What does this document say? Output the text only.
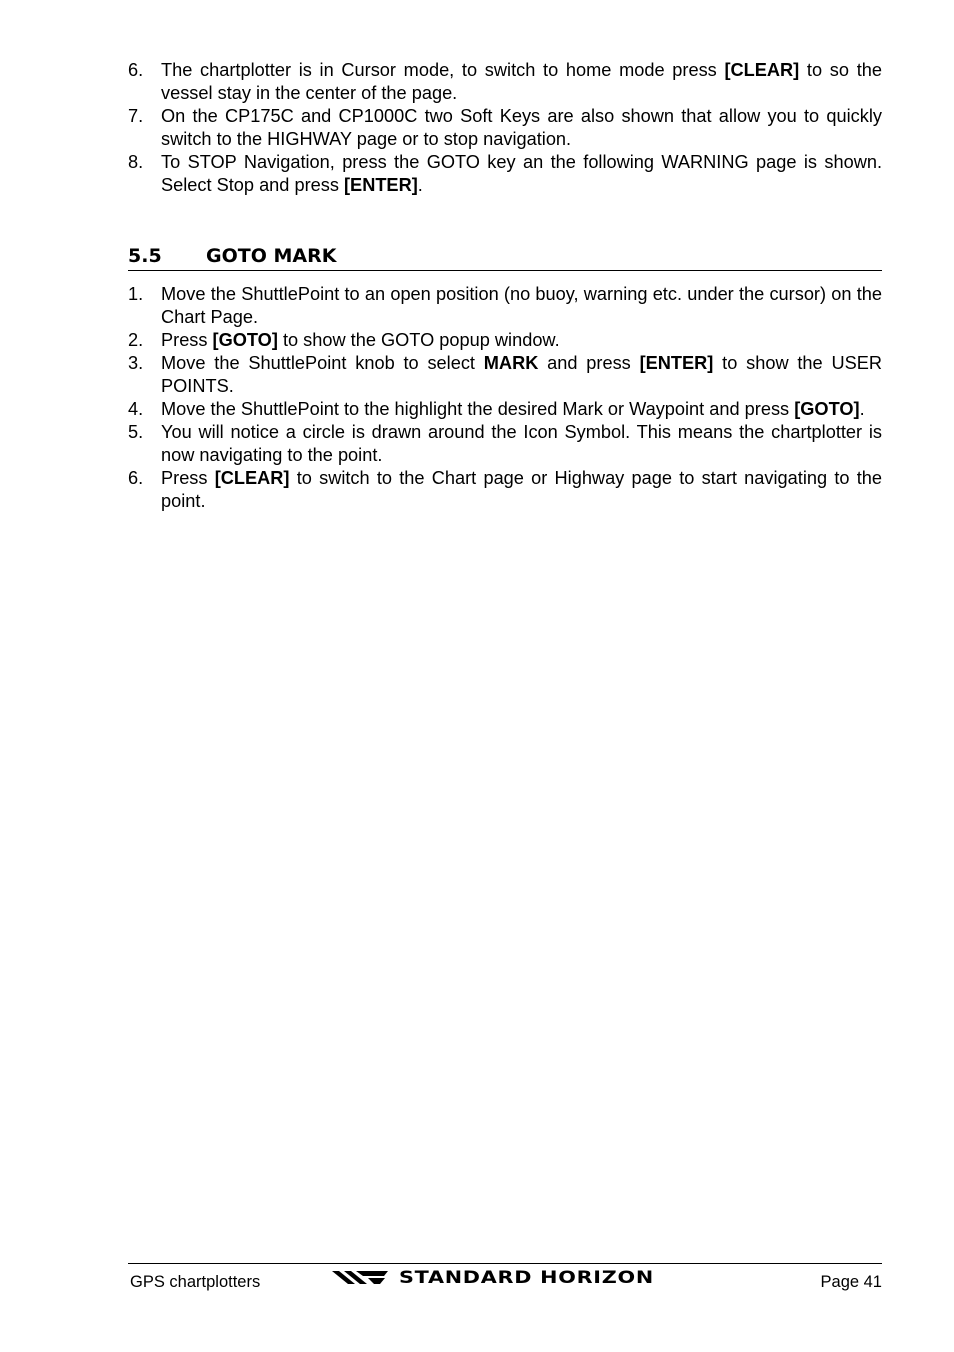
6. The chartplotter is in Cursor mode, to switch to home mode press [CLEAR] to so the vessel stay in the center of the page.
7. On the CP175C and CP1000C two Soft Keys are also shown that allow you to quickly switch to the HIGHWAY page or to stop navigation.
8. To STOP Navigation, press the GOTO key an the following WARNING page is shown. Select Stop and press [ENTER].
5.5 GOTO MARK
1. Move the ShuttlePoint to an open position (no buoy, warning etc. under the cursor) on the Chart Page.
2. Press [GOTO] to show the GOTO popup window.
3. Move the ShuttlePoint knob to select MARK and press [ENTER] to show the USER POINTS.
4. Move the ShuttlePoint to the highlight the desired Mark or Waypoint and press [GOTO].
5. You will notice a circle is drawn around the Icon Symbol. This means the chartplotter is now navigating to the point.
6. Press [CLEAR] to switch to the Chart page or Highway page to start navigating to the point.
GPS chartplotters	STANDARD HORIZON	Page 41
